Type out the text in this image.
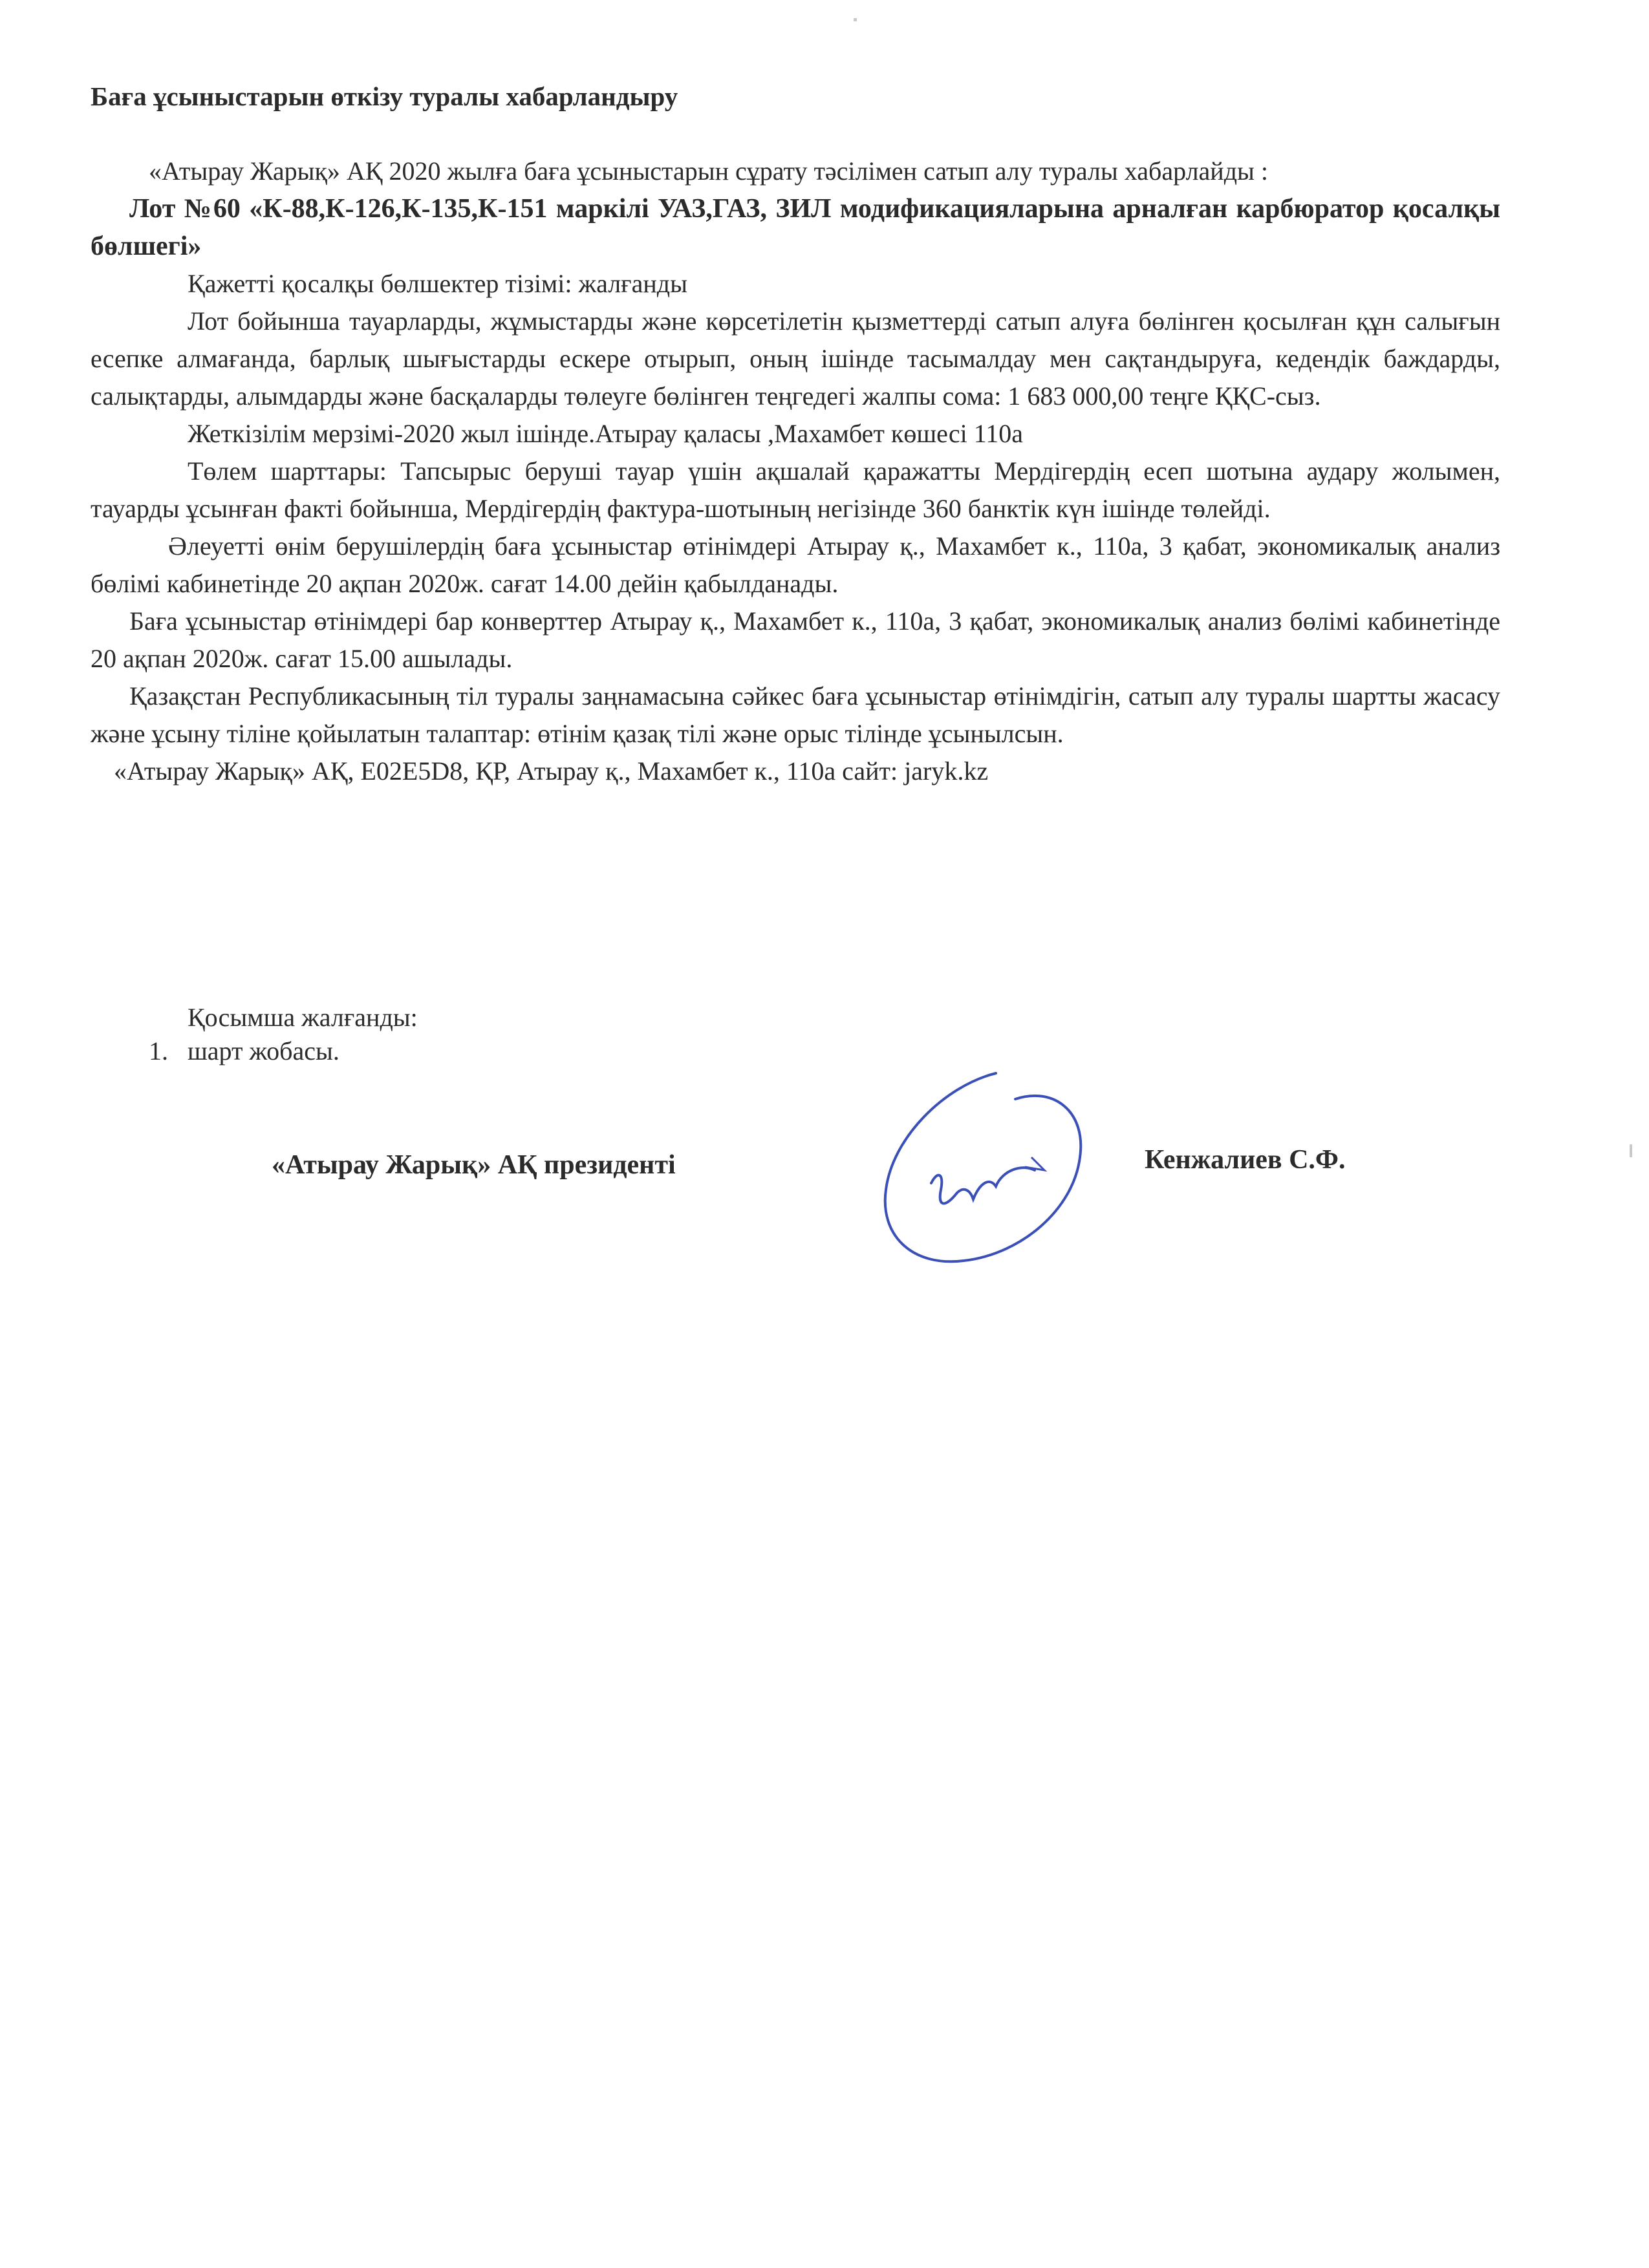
Баға ұсыныстарын өткізу туралы хабарландыру

«Атырау Жарық» АҚ 2020 жылға баға ұсыныстарын сұрату тәсілімен сатып алу туралы хабарлайды :

Лот №60 «К-88,К-126,К-135,К-151 маркілі УАЗ,ГАЗ, ЗИЛ модификацияларына арналған карбюратор қосалқы бөлшегі»

Қажетті қосалқы бөлшектер тізімі: жалғанды

Лот бойынша тауарларды, жұмыстарды және көрсетілетін қызметтерді сатып алуға бөлінген қосылған құн салығын есепке алмағанда, барлық шығыстарды ескере отырып, оның ішінде тасымалдау мен сақтандыруға, кедендік баждарды, салықтарды, алымдарды және басқаларды төлеуге бөлінген теңгедегі жалпы сома: 1 683 000,00 теңге ҚҚС-сыз.

Жеткізілім мерзімі-2020 жыл ішінде.Атырау қаласы ,Махамбет көшесі 110а

Төлем шарттары: Тапсырыс беруші тауар үшін ақшалай қаражатты Мердігердің есеп шотына аудару жолымен, тауарды ұсынған факті бойынша, Мердігердің фактура-шотының негізінде 360 банктік күн ішінде төлейді.

Әлеуетті өнім берушілердің баға ұсыныстар өтінімдері Атырау қ., Махамбет к., 110а, 3 қабат, экономикалық анализ бөлімі кабинетінде 20 ақпан 2020ж. сағат 14.00 дейін қабылданады.

Баға ұсыныстар өтінімдері бар конверттер Атырау қ., Махамбет к., 110а, 3 қабат, экономикалық анализ бөлімі кабинетінде 20 ақпан 2020ж. сағат 15.00 ашылады.

Қазақстан Республикасының тіл туралы заңнамасына сәйкес баға ұсыныстар өтінімдігін, сатып алу туралы шартты жасасу және ұсыну тіліне қойылатын талаптар: өтінім қазақ тілі және орыс тілінде ұсынылсын.

«Атырау Жарық» АҚ, E02E5D8, ҚР, Атырау қ., Махамбет к., 110а сайт: jaryk.kz

Қосымша жалғанды:
1. шарт жобасы.
«Атырау Жарық» АҚ президенті	Кенжалиев С.Ф.
